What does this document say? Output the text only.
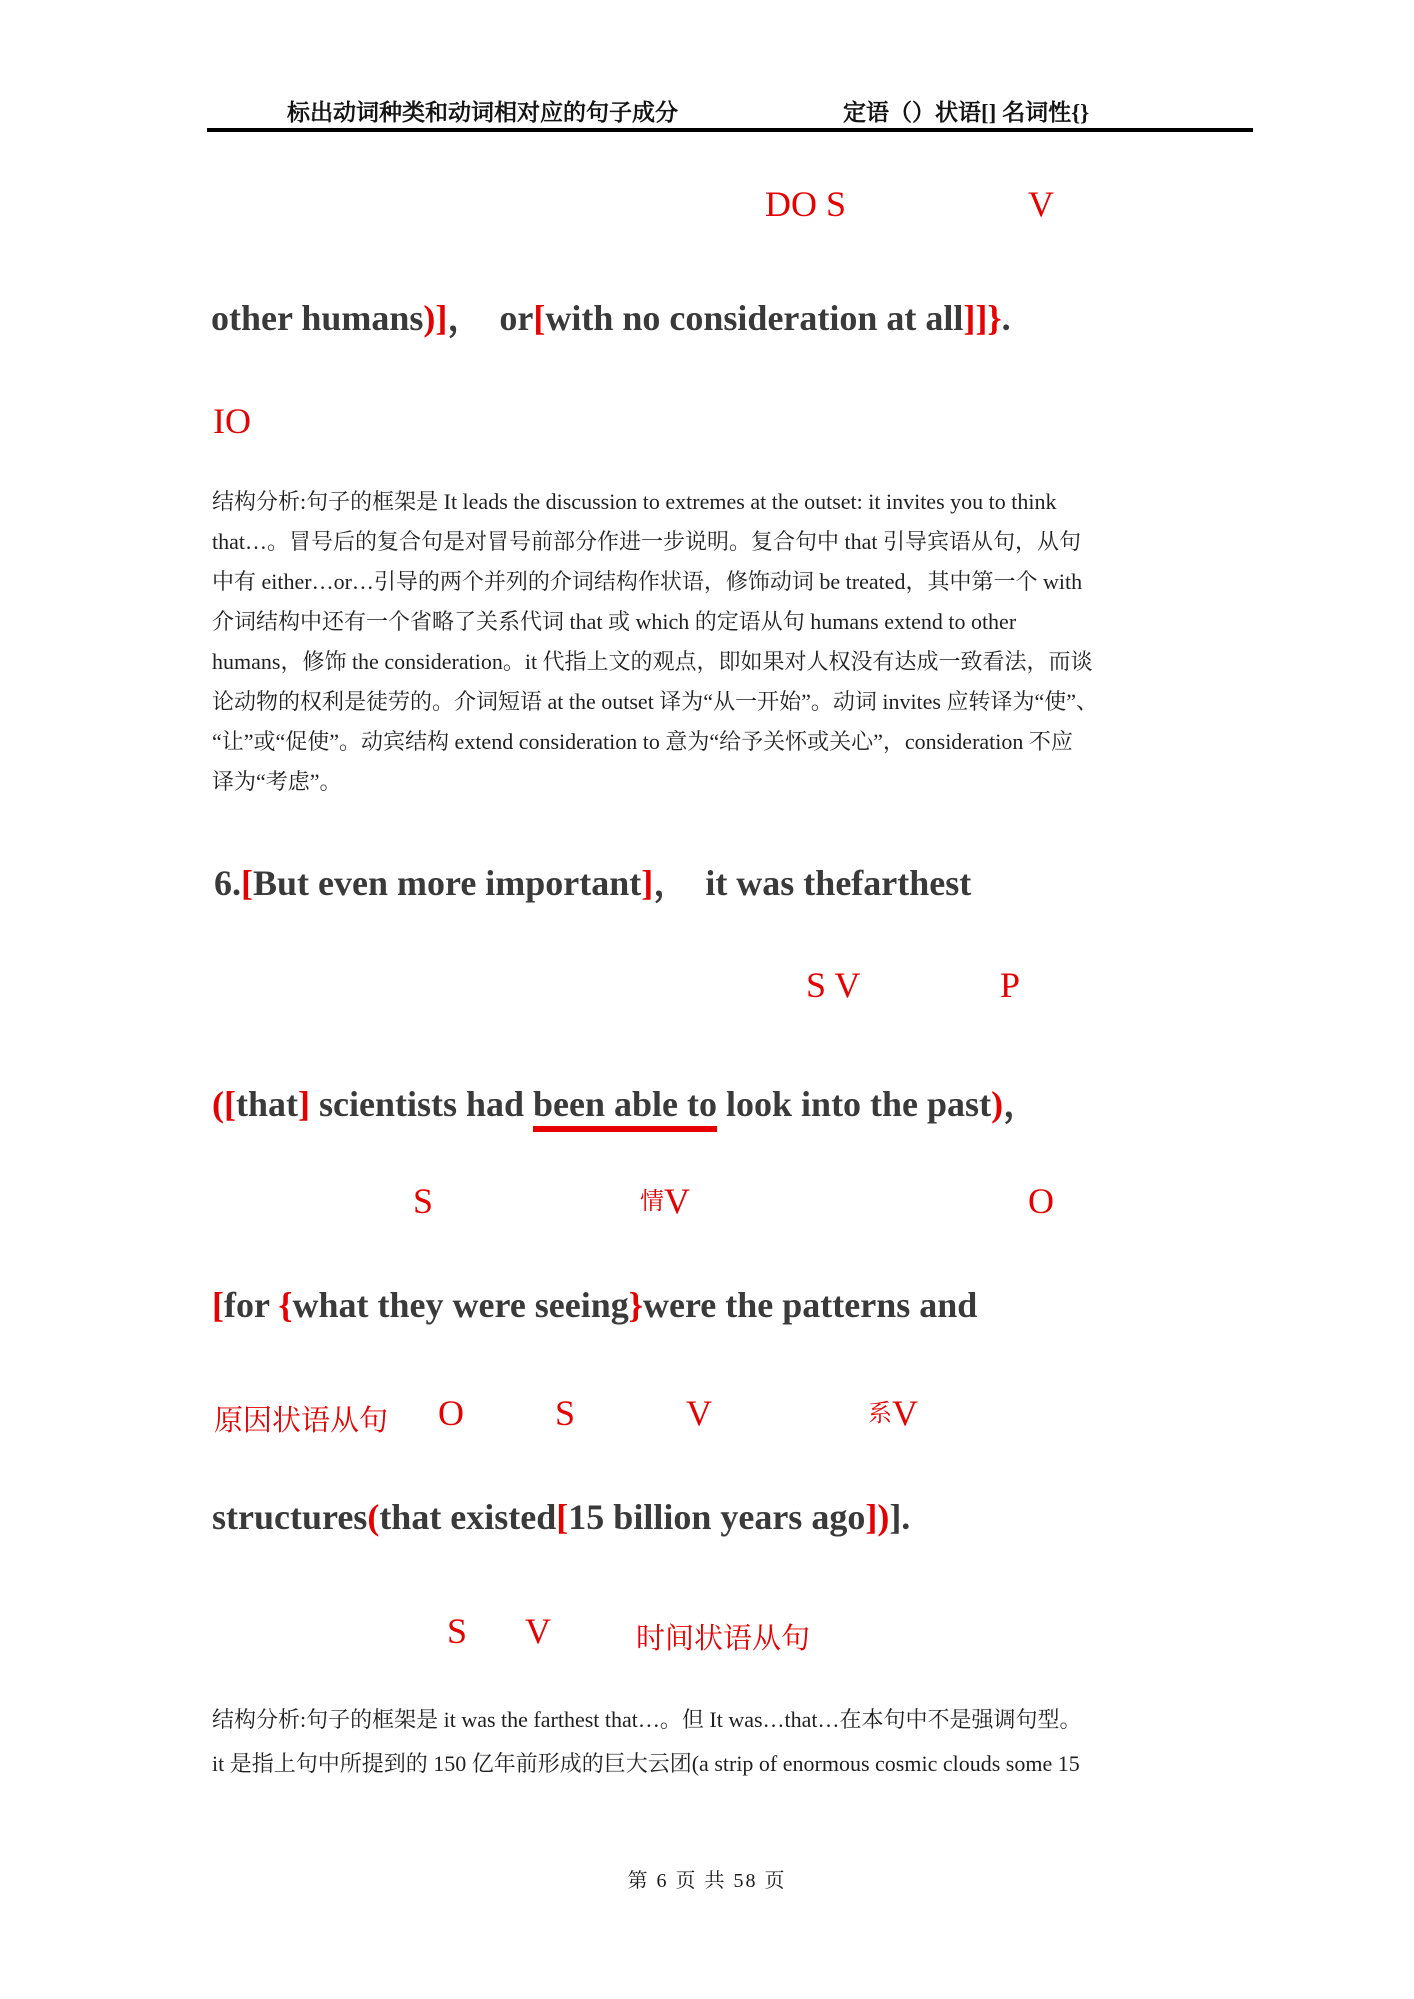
标出动词种类和动词相对应的句子成分	定语（）状语[] 名词性{}
DO S	V
other humans)]， or[with no consideration at all]]}.
IO
结构分析:句子的框架是 It leads the discussion to extremes at the outset: it invites you to think
that…。冒号后的复合句是对冒号前部分作进一步说明。复合句中 that 引导宾语从句，从句
中有 either…or…引导的两个并列的介词结构作状语，修饰动词 be treated，其中第一个 with
介词结构中还有一个省略了关系代词 that 或 which 的定语从句 humans extend to other
humans，修饰 the consideration。it 代指上文的观点，即如果对人权没有达成一致看法，而谈
论动物的权利是徒劳的。介词短语 at the outset 译为“从一开始”。动词 invites 应转译为“使”、
“让”或“促使”。动宾结构 extend consideration to 意为“给予关怀或关心”，consideration 不应
译为“考虑”。
6.[But even more important]， it was thefarthest
S V	P
([that] scientists had been able to look into the past)，
S	情V	O
[for {what they were seeing}were the patterns and
原因状语从句 O	S	V	系V
structures(that existed[15 billion years ago])].
S V	时间状语从句
结构分析:句子的框架是 it was the farthest that…。但 It was…that…在本句中不是强调句型。
it 是指上句中所提到的 150 亿年前形成的巨大云团(a strip of enormous cosmic clouds some 15
第 6 页 共 58 页
